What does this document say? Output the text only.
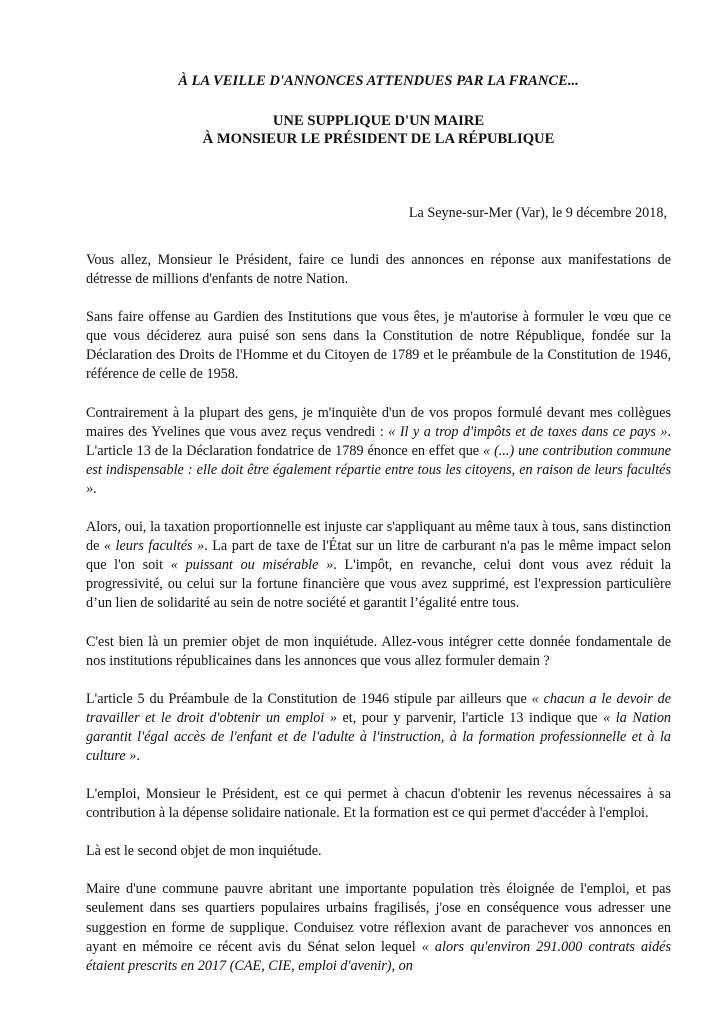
À LA VEILLE D'ANNONCES ATTENDUES PAR LA FRANCE...
UNE SUPPLIQUE D'UN MAIRE
À MONSIEUR LE PRÉSIDENT DE LA RÉPUBLIQUE
La Seyne-sur-Mer (Var), le 9 décembre 2018,

Vous allez, Monsieur le Président, faire ce lundi des annonces en réponse aux manifestations de détresse de millions d'enfants de notre Nation.

Sans faire offense au Gardien des Institutions que vous êtes, je m'autorise à formuler le vœu que ce que vous déciderez aura puisé son sens dans la Constitution de notre République, fondée sur la Déclaration des Droits de l'Homme et du Citoyen de 1789 et le préambule de la Constitution de 1946, référence de celle de 1958.

Contrairement à la plupart des gens, je m'inquiète d'un de vos propos formulé devant mes collègues maires des Yvelines que vous avez reçus vendredi : « Il y a trop d'impôts et de taxes dans ce pays ». L'article 13 de la Déclaration fondatrice de 1789 énonce en effet que « (...) une contribution commune est indispensable : elle doit être également répartie entre tous les citoyens, en raison de leurs facultés ».

Alors, oui, la taxation proportionnelle est injuste car s'appliquant au même taux à tous, sans distinction de « leurs facultés ». La part de taxe de l'État sur un litre de carburant n'a pas le même impact selon que l'on soit « puissant ou misérable ». L'impôt, en revanche, celui dont vous avez réduit la progressivité, ou celui sur la fortune financière que vous avez supprimé, est l'expression particulière d’un lien de solidarité au sein de notre société et garantit l’égalité entre tous.

C'est bien là un premier objet de mon inquiétude. Allez-vous intégrer cette donnée fondamentale de nos institutions républicaines dans les annonces que vous allez formuler demain ?

L'article 5 du Préambule de la Constitution de 1946 stipule par ailleurs que « chacun a le devoir de travailler et le droit d'obtenir un emploi » et, pour y parvenir, l'article 13 indique que « la Nation garantit l'égal accès de l'enfant et de l'adulte à l'instruction, à la formation professionnelle et à la culture ».

L'emploi, Monsieur le Président, est ce qui permet à chacun d'obtenir les revenus nécessaires à sa contribution à la dépense solidaire nationale. Et la formation est ce qui permet d'accéder à l'emploi.

Là est le second objet de mon inquiétude.

Maire d'une commune pauvre abritant une importante population très éloignée de l'emploi, et pas seulement dans ses quartiers populaires urbains fragilisés, j'ose en conséquence vous adresser une suggestion en forme de supplique. Conduisez votre réflexion avant de parachever vos annonces en ayant en mémoire ce récent avis du Sénat selon lequel « alors qu'environ 291.000 contrats aidés étaient prescrits en 2017 (CAE, CIE, emploi d'avenir), on
